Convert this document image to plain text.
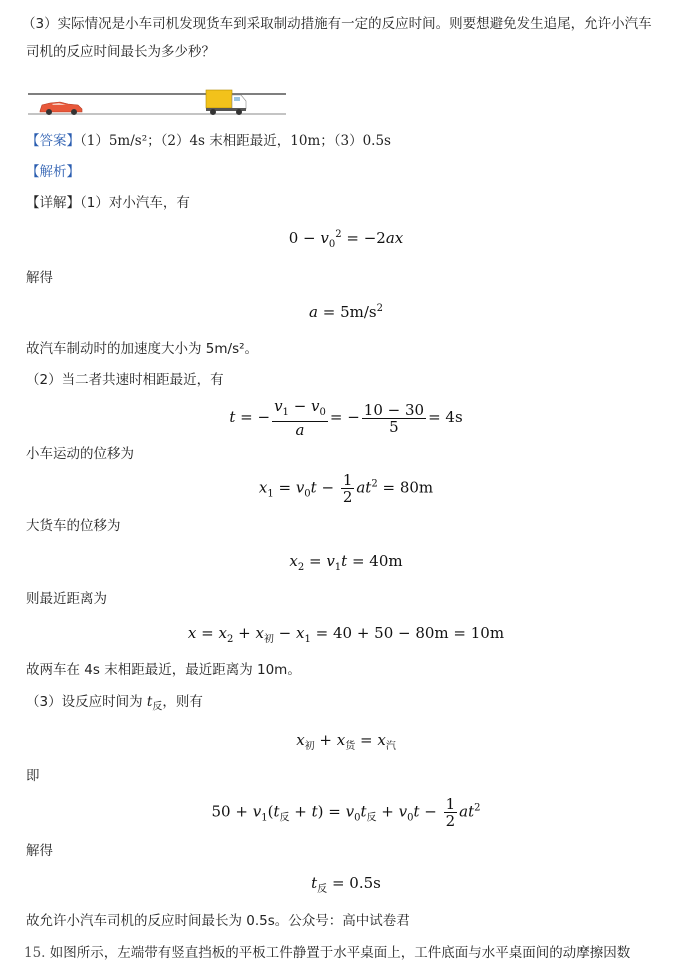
（3）实际情况是小车司机发现货车到采取制动措施有一定的反应时间。则要想避免发生追尾，允许小汽车
司机的反应时间最长为多少秒？
【答案】（1）5m/s²；（2）4s 末相距最近，10m；（3）0.5s
【解析】
【详解】（1）对小汽车，有
$0 - v_0^2 = -2ax$
解得
$a = 5m/s^2$
故汽车制动时的加速度大小为 5m/s²。
（2）当二者共速时相距最近，有
t = − $\frac{v_1 - v_0}{a}$ = − $\frac{10 - 30}{5} = 4s$
小车运动的位移为
$x_1 = v_0t - \frac{1}{2} at^2 = 80m$
大货车的位移为
$x_2 = v_1t = 40m$
则最近距离为
$x = x_2 + x_初 - x_1 = 40 + 50 - 80m = 10m$
故两车在 4s 末相距最近，最近距离为 10m。
（3）设反应时间为 $t_反$，则有
$x_初 + x_货 = x_汽$
即
$50 + v_1(t_反 + t) = v_0t_反 + v_0t - \frac{1}{2} at^2$
解得
$t_反 = 0.5s$
故允许小汽车司机的反应时间最长为 0.5s。公众号：高中试卷君
15. 如图所示，左端带有竖直挡板的平板工件静置于水平桌面上，工件底面与水平桌面间的动摩擦因数
